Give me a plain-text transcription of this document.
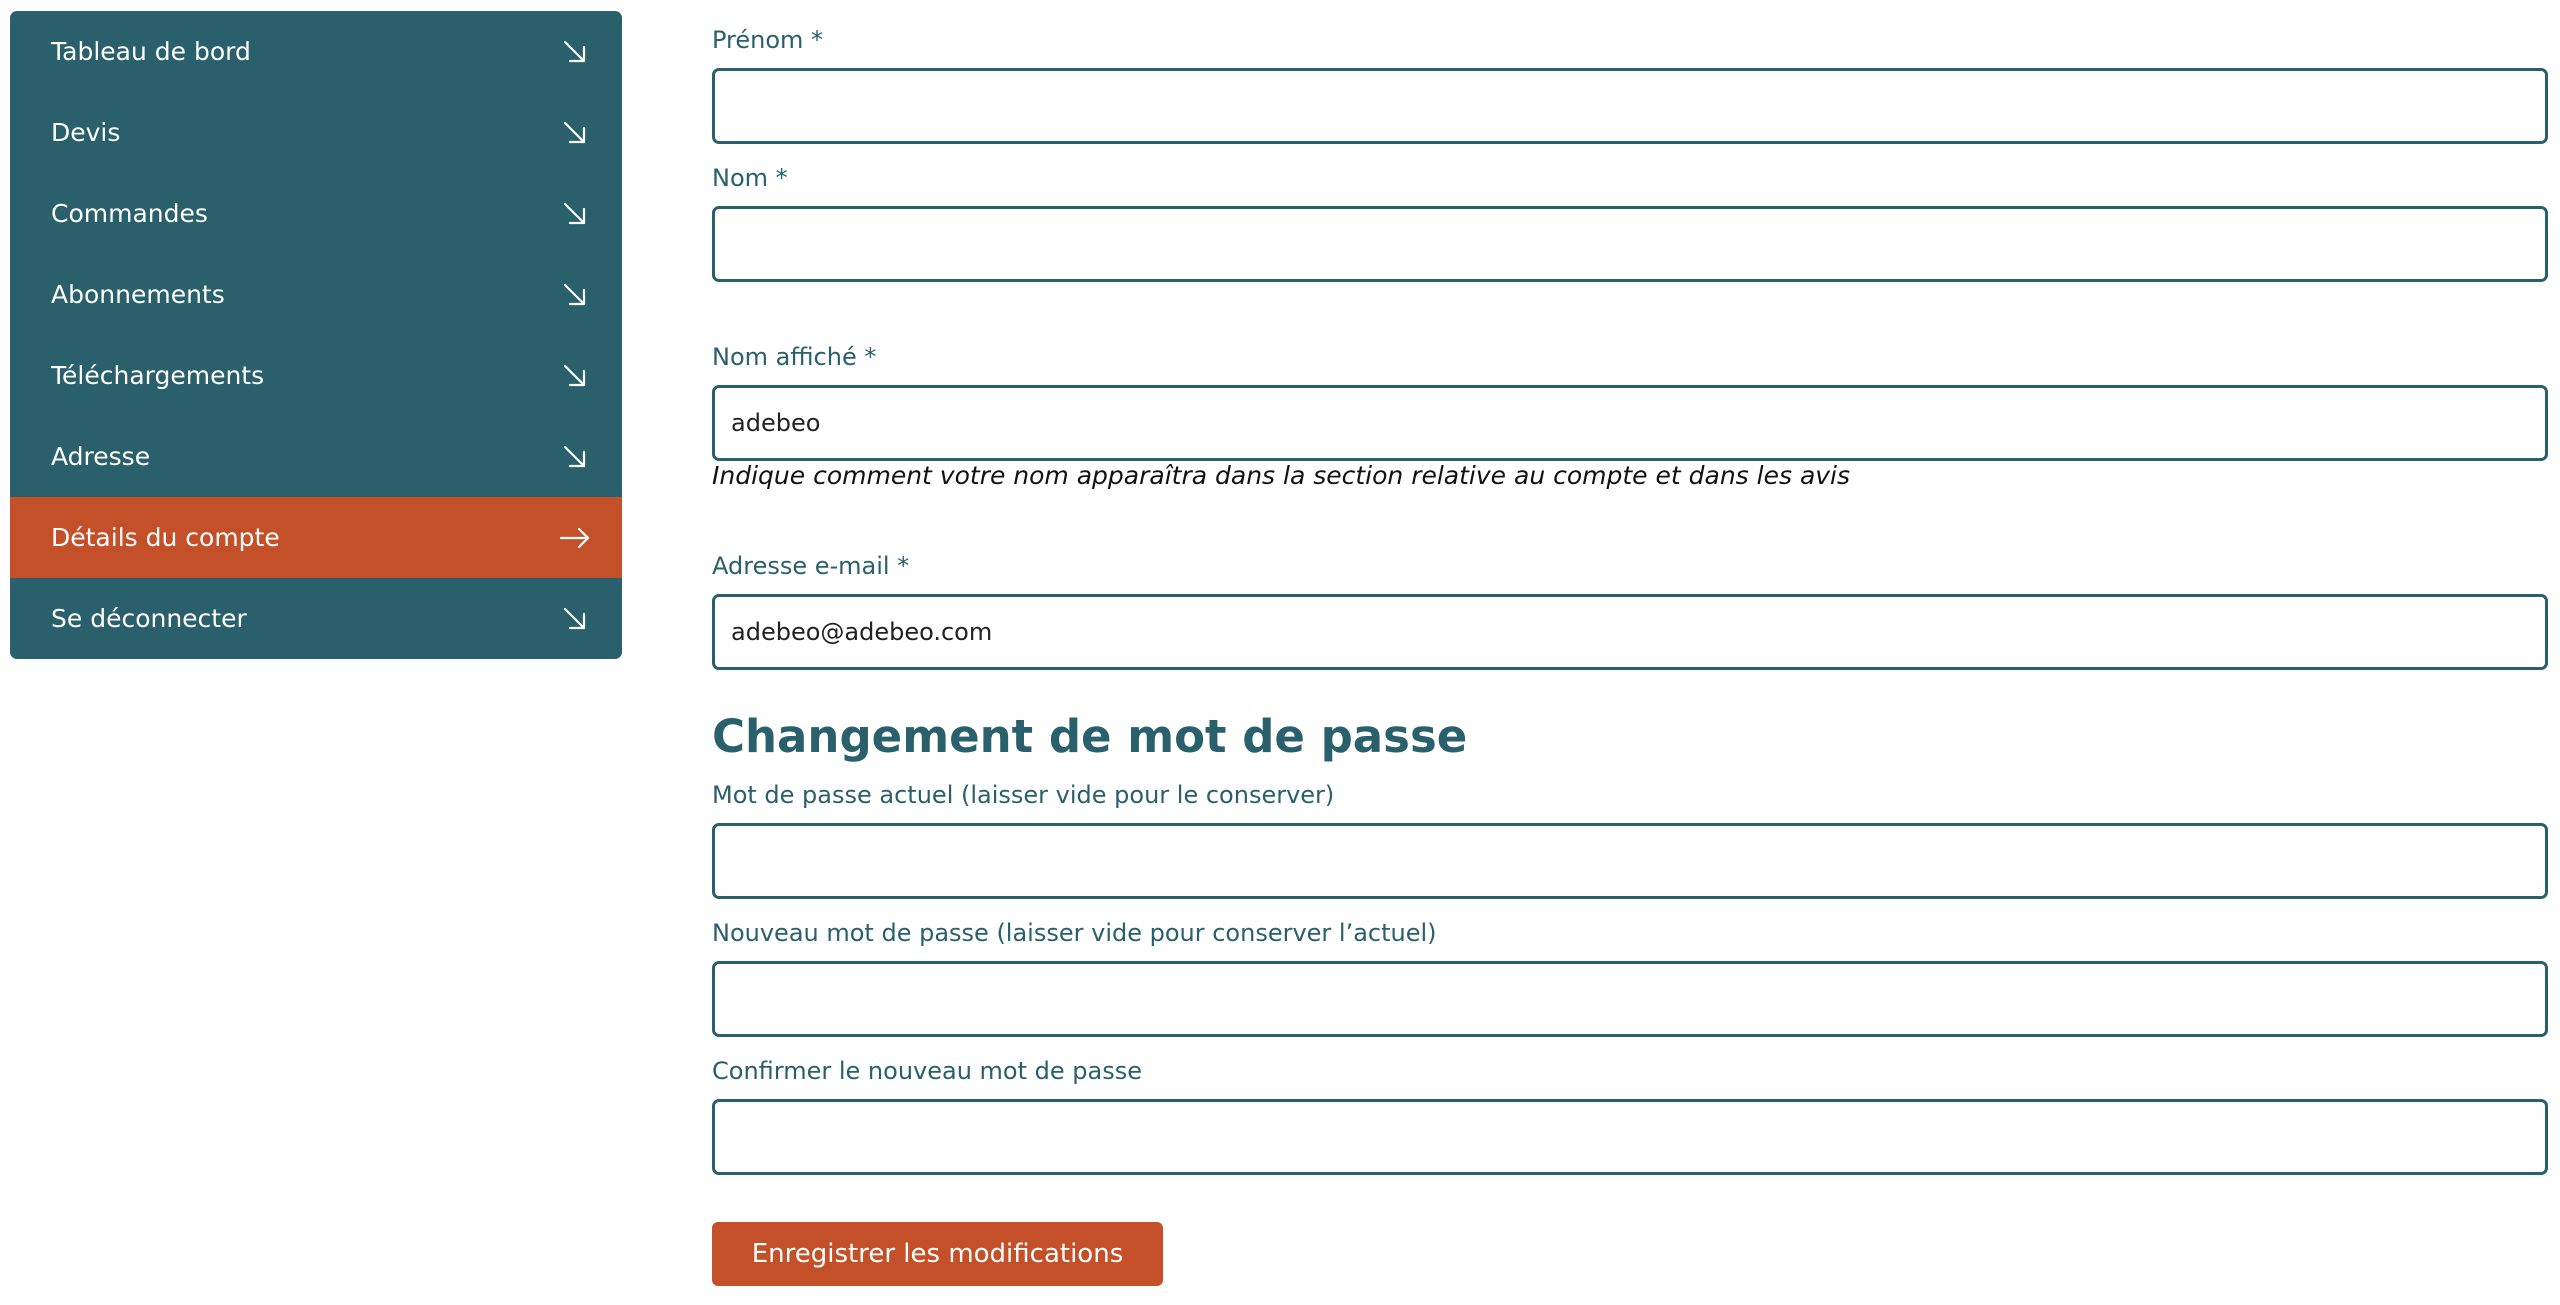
Tableau de bord
Devis
Commandes
Abonnements
Téléchargements
Adresse
Détails du compte
Se déconnecter
Prénom *
Nom *
Nom affiché *
adebeo
Indique comment votre nom apparaîtra dans la section relative au compte et dans les avis
Adresse e-mail *
adebeo@adebeo.com
Changement de mot de passe
Mot de passe actuel (laisser vide pour le conserver)
Nouveau mot de passe (laisser vide pour conserver l’actuel)
Confirmer le nouveau mot de passe
Enregistrer les modifications
